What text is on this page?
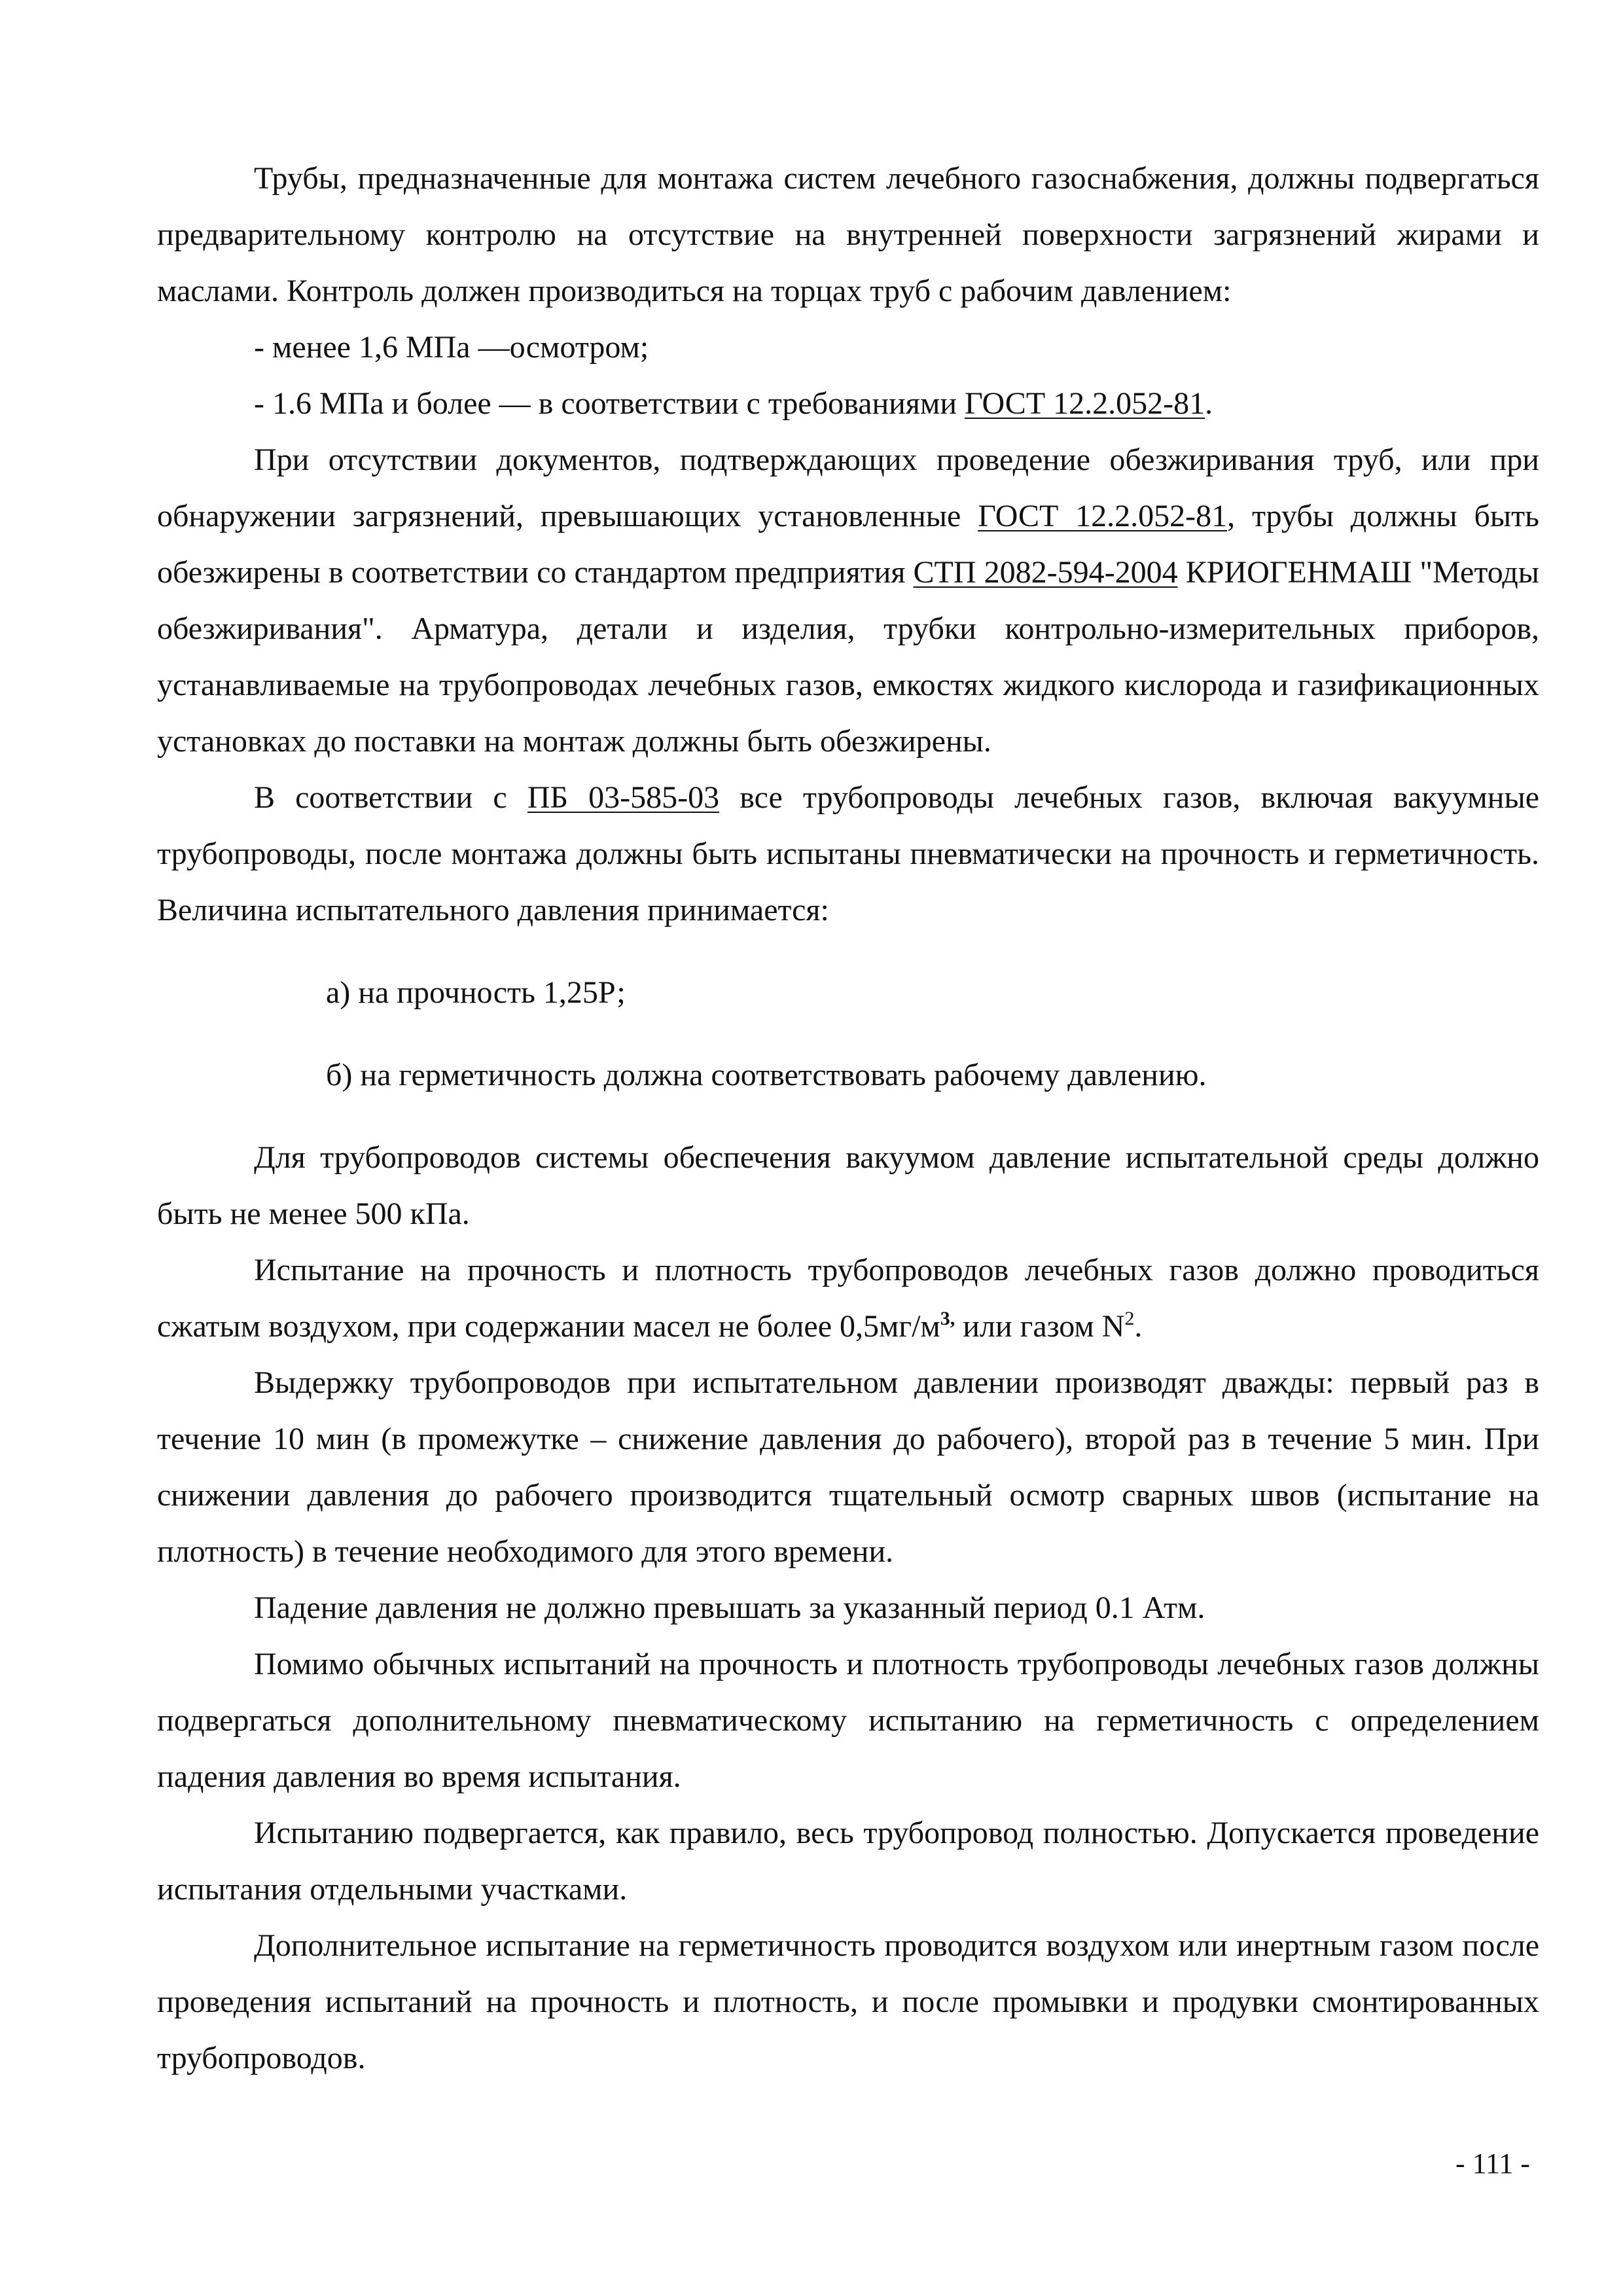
Трубы, предназначенные для монтажа систем лечебного газоснабжения, должны подвергаться предварительному контролю на отсутствие на внутренней поверхности загрязнений жирами и маслами. Контроль должен производиться на торцах труб с рабочим давлением:

- менее 1,6 МПа —осмотром;

- 1.6 МПа и более — в соответствии с требованиями ГОСТ 12.2.052-81.

При отсутствии документов, подтверждающих проведение обезжиривания труб, или при обнаружении загрязнений, превышающих установленные ГОСТ 12.2.052-81, трубы должны быть обезжирены в соответствии со стандартом предприятия СТП 2082-594-2004 КРИОГЕНМАШ "Методы обезжиривания". Арматура, детали и изделия, трубки контрольно-измерительных приборов, устанавливаемые на трубопроводах лечебных газов, емкостях жидкого кислорода и газификационных установках до поставки на монтаж должны быть обезжирены.

В соответствии с ПБ 03-585-03 все трубопроводы лечебных газов, включая вакуумные трубопроводы, после монтажа должны быть испытаны пневматически на прочность и герметичность. Величина испытательного давления принимается:

а) на прочность 1,25Р;

б) на герметичность должна соответствовать рабочему давлению.

Для трубопроводов системы обеспечения вакуумом давление испытательной среды должно быть не менее 500 кПа.

Испытание на прочность и плотность трубопроводов лечебных газов должно проводиться сжатым воздухом, при содержании масел не более $0,5мг/м^{3,}$ или газом $N^2$.

Выдержку трубопроводов при испытательном давлении производят дважды: первый раз в течение 10 мин (в промежутке – снижение давления до рабочего), второй раз в течение 5 мин. При снижении давления до рабочего производится тщательный осмотр сварных швов (испытание на плотность) в течение необходимого для этого времени.

Падение давления не должно превышать за указанный период 0.1 Атм.

Помимо обычных испытаний на прочность и плотность трубопроводы лечебных газов должны подвергаться дополнительному пневматическому испытанию на герметичность с определением падения давления во время испытания.

Испытанию подвергается, как правило, весь трубопровод полностью. Допускается проведение испытания отдельными участками.

Дополнительное испытание на герметичность проводится воздухом или инертным газом после проведения испытаний на прочность и плотность, и после промывки и продувки смонтированных трубопроводов.

- 111 -
